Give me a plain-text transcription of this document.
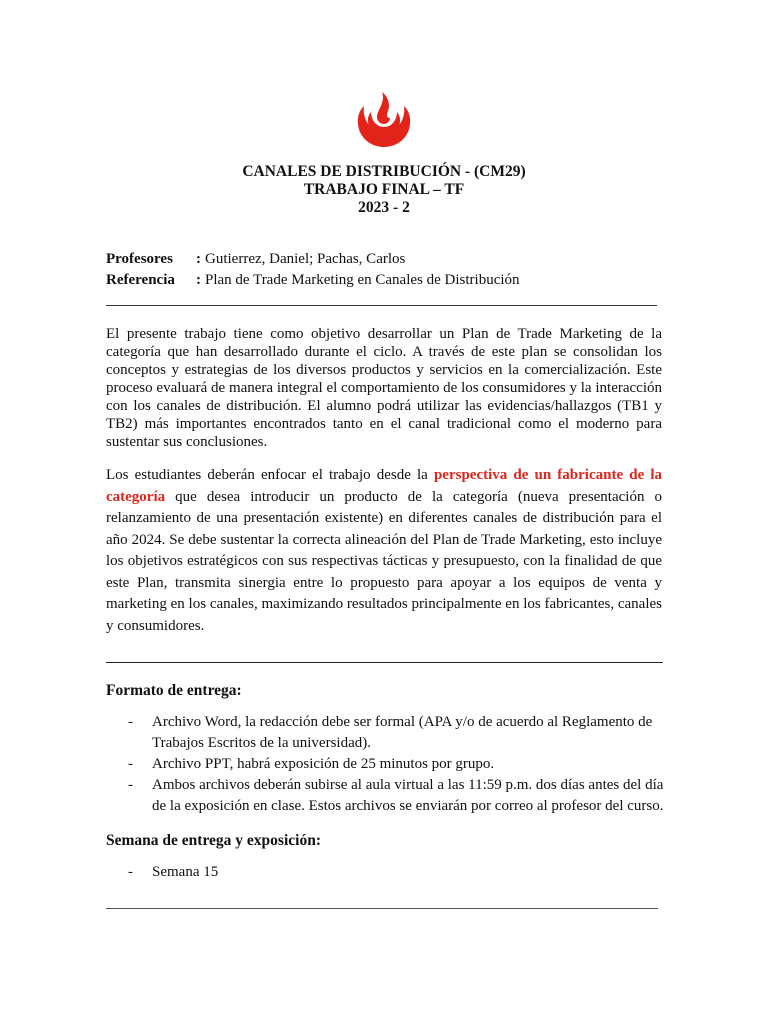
CANALES DE DISTRIBUCIÓN - (CM29)
TRABAJO FINAL – TF
2023 - 2
Profesores	: Gutierrez, Daniel; Pachas, Carlos
Referencia	: Plan de Trade Marketing en Canales de Distribución

El presente trabajo tiene como objetivo desarrollar un Plan de Trade Marketing de la categoría que han desarrollado durante el ciclo. A través de este plan se consolidan los conceptos y estrategias de los diversos productos y servicios en la comercialización. Este proceso evaluará de manera integral el comportamiento de los consumidores y la interacción con los canales de distribución. El alumno podrá utilizar las evidencias/hallazgos (TB1 y TB2) más importantes encontrados tanto en el canal tradicional como el moderno para sustentar sus conclusiones.

Los estudiantes deberán enfocar el trabajo desde la perspectiva de un fabricante de la categoría que desea introducir un producto de la categoría (nueva presentación o relanzamiento de una presentación existente) en diferentes canales de distribución para el año 2024. Se debe sustentar la correcta alineación del Plan de Trade Marketing, esto incluye los objetivos estratégicos con sus respectivas tácticas y presupuesto, con la finalidad de que este Plan, transmita sinergia entre lo propuesto para apoyar a los equipos de venta y marketing en los canales, maximizando resultados principalmente en los fabricantes, canales y consumidores.

Formato de entrega:

-	Archivo Word, la redacción debe ser formal (APA y/o de acuerdo al Reglamento de Trabajos Escritos de la universidad).
-	Archivo PPT, habrá exposición de 25 minutos por grupo.
-	Ambos archivos deberán subirse al aula virtual a las 11:59 p.m. dos días antes del día de la exposición en clase. Estos archivos se enviarán por correo al profesor del curso.

Semana de entrega y exposición:

-	Semana 15
